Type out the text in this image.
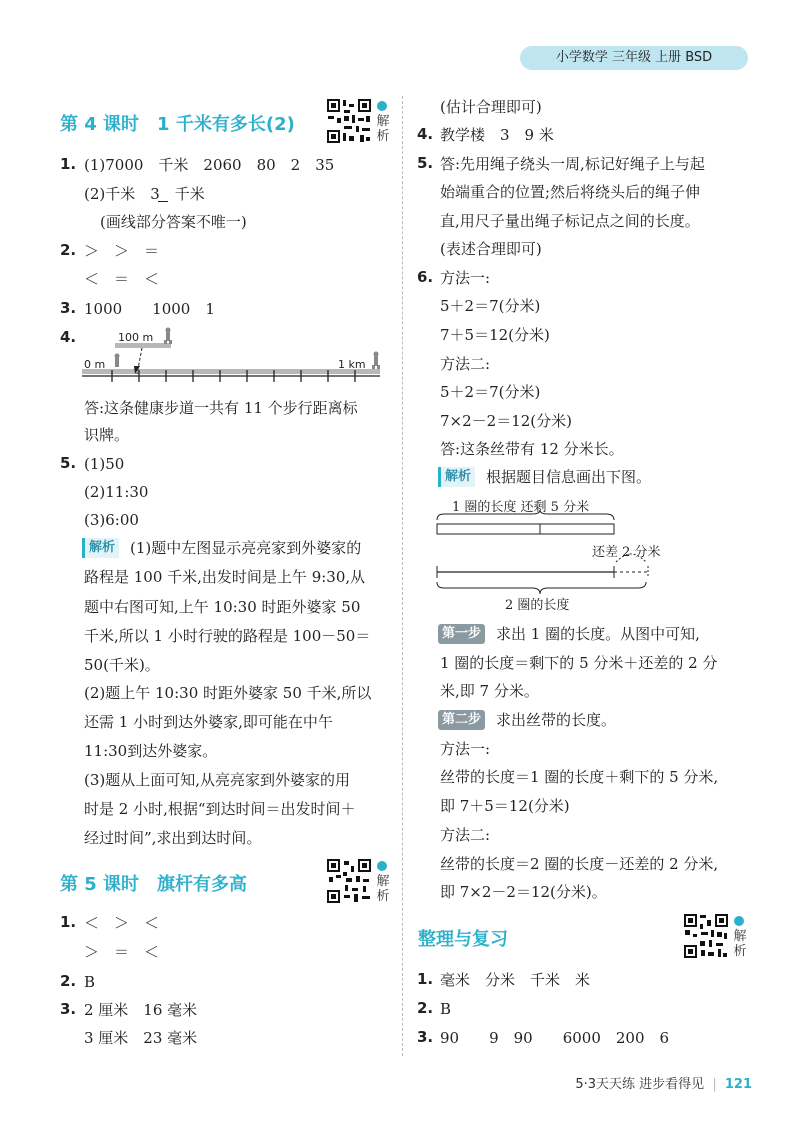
小学数学 三年级 上册 BSD
第 4 课时　1 千米有多长(2)	解析
1. (1)7000　千米　2060　80　2　35
(2)千米　3　千米
(画线部分答案不唯一)
2. ＞　＞　＝
＜　＝　＜
3. 1000　　1000　1
4.	100 m
0 m	1 km
答:这条健康步道一共有 11 个步行距离标
识牌。
5. (1)50
(2)11:30
(3)6:00
解析 (1)题中左图显示亮亮家到外婆家的
路程是 100 千米,出发时间是上午 9:30,从
题中右图可知,上午 10:30 时距外婆家 50
千米,所以 1 小时行驶的路程是 100－50＝
50(千米)。
(2)题上午 10:30 时距外婆家 50 千米,所以
还需 1 小时到达外婆家,即可能在中午
11:30到达外婆家。
(3)题从上面可知,从亮亮家到外婆家的用
时是 2 小时,根据“到达时间＝出发时间＋
经过时间”,求出到达时间。
第 5 课时　旗杆有多高	解析
1. ＜　＞　＜
＞　＝　＜
2. B
3. 2 厘米　16 毫米
3 厘米　23 毫米
(估计合理即可)
4. 教学楼　3　9 米
5. 答:先用绳子绕头一周,标记好绳子上与起
始端重合的位置;然后将绕头后的绳子伸
直,用尺子量出绳子标记点之间的长度。
(表述合理即可)
6. 方法一:
5＋2＝7(分米)
7＋5＝12(分米)
方法二:
5＋2＝7(分米)
7×2－2＝12(分米)
答:这条丝带有 12 分米长。
解析 根据题目信息画出下图。
1 圈的长度 还剩 5 分米
还差 2 分米
2 圈的长度
第一步 求出 1 圈的长度。从图中可知,
1 圈的长度＝剩下的 5 分米＋还差的 2 分
米,即 7 分米。
第二步 求出丝带的长度。
方法一:
丝带的长度＝1 圈的长度＋剩下的 5 分米,
即 7＋5＝12(分米)
方法二:
丝带的长度＝2 圈的长度－还差的 2 分米,
即 7×2－2＝12(分米)。
整理与复习	解析
1. 毫米　分米　千米　米
2. B
3. 90　　9　90　　6000　200　6
5·3天天练 进步看得见 | 121
